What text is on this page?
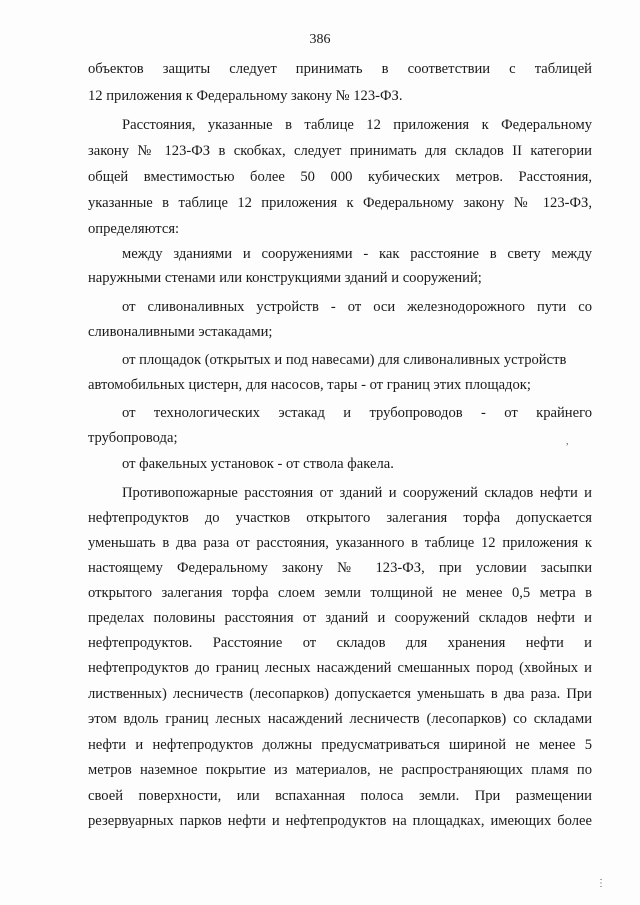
386
объектов защиты следует принимать в соответствии с таблицей
12 приложения к Федеральному закону № 123-ФЗ.
Расстояния, указанные в таблице 12 приложения к Федеральному
закону № 123-ФЗ в скобках, следует принимать для складов II категории
общей вместимостью более 50 000 кубических метров. Расстояния,
указанные в таблице 12 приложения к Федеральному закону № 123-ФЗ,
определяются:
между зданиями и сооружениями - как расстояние в свету между
наружными стенами или конструкциями зданий и сооружений;
от сливоналивных устройств - от оси железнодорожного пути со
сливоналивными эстакадами;
от площадок (открытых и под навесами) для сливоналивных устройств
автомобильных цистерн, для насосов, тары - от границ этих площадок;
от технологических эстакад и трубопроводов - от крайнего
трубопровода;
от факельных установок - от ствола факела.
Противопожарные расстояния от зданий и сооружений складов нефти и
нефтепродуктов до участков открытого залегания торфа допускается
уменьшать в два раза от расстояния, указанного в таблице 12 приложения к
настоящему Федеральному закону № 123-ФЗ, при условии засыпки
открытого залегания торфа слоем земли толщиной не менее 0,5 метра в
пределах половины расстояния от зданий и сооружений складов нефти и
нефтепродуктов. Расстояние от складов для хранения нефти и
нефтепродуктов до границ лесных насаждений смешанных пород (хвойных и
лиственных) лесничеств (лесопарков) допускается уменьшать в два раза. При
этом вдоль границ лесных насаждений лесничеств (лесопарков) со складами
нефти и нефтепродуктов должны предусматриваться шириной не менее 5
метров наземное покрытие из материалов, не распространяющих пламя по
своей поверхности, или вспаханная полоса земли. При размещении
резервуарных парков нефти и нефтепродуктов на площадках, имеющих более
,
⋮
